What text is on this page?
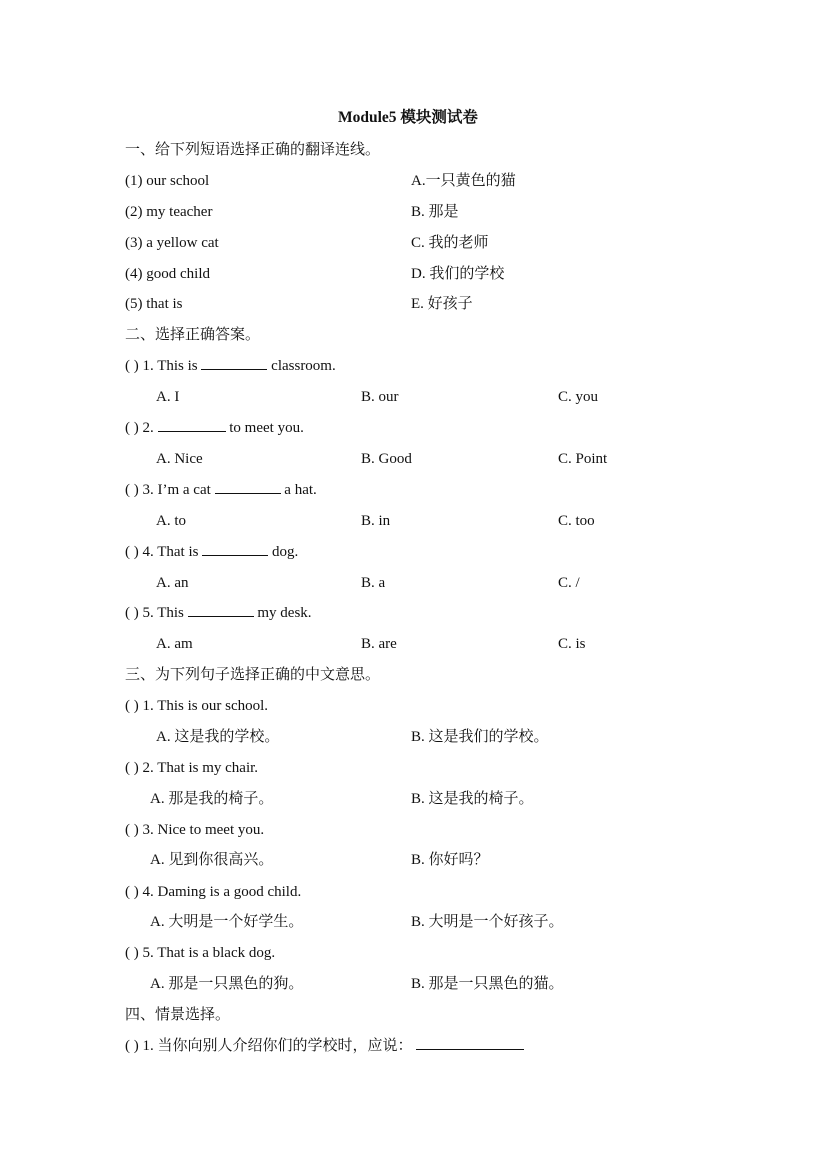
Module5 模块测试卷
一、给下列短语选择正确的翻译连线。
(1) our school	A.一只黄色的猫
(2) my teacher	B. 那是
(3) a yellow cat	C. 我的老师
(4) good child	D. 我们的学校
(5) that is	E. 好孩子
二、选择正确答案。
( ) 1. This is	classroom.
A. I	B. our	C. you
( ) 2.	to meet you.
A. Nice	B. Good	C. Point
( ) 3. I’m a cat	a hat.
A. to	B. in	C. too
( ) 4. That is	dog.
A. an	B. a	C. /
( ) 5. This	my desk.
A. am	B. are	C. is
三、为下列句子选择正确的中文意思。
( ) 1. This is our school.
A. 这是我的学校。	B. 这是我们的学校。
( ) 2. That is my chair.
A. 那是我的椅子。	B. 这是我的椅子。
( ) 3. Nice to meet you.
A. 见到你很高兴。	B. 你好吗？
( ) 4. Daming is a good child.
A. 大明是一个好学生。	B. 大明是一个好孩子。
( ) 5. That is a black dog.
A. 那是一只黑色的狗。	B. 那是一只黑色的猫。
四、情景选择。
( ) 1. 当你向别人介绍你们的学校时，应说：
